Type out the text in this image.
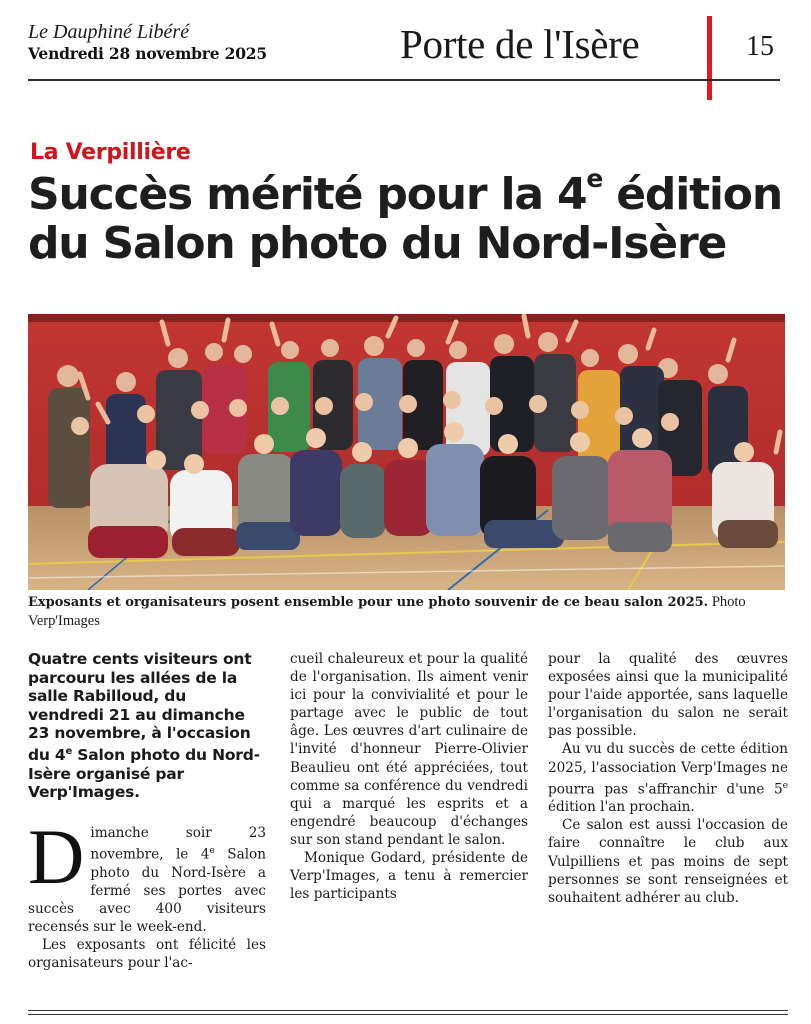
Le Dauphiné Libéré
Vendredi 28 novembre 2025	Porte de l'Isère	15
La Verpillière
Succès mérité pour la 4e édition
du Salon photo du Nord-Isère
Exposants et organisateurs posent ensemble pour une photo souvenir de ce beau salon 2025. Photo Verp'Images

Quatre cents visiteurs ont parcouru les allées de la salle Rabilloud, du vendredi 21 au dimanche 23 novembre, à l'occasion du 4e Salon photo du Nord-Isère organisé par Verp'Images.

Dimanche soir 23 novembre, le 4e Salon photo du Nord-Isère a fermé ses portes avec succès avec 400 visiteurs recensés sur le week-end.

Les exposants ont félicité les organisateurs pour l'ac-

cueil chaleureux et pour la qualité de l'organisation. Ils aiment venir ici pour la convivialité et pour le partage avec le public de tout âge. Les œuvres d'art culinaire de l'invité d'honneur Pierre-Olivier Beaulieu ont été appréciées, tout comme sa conférence du vendredi qui a marqué les esprits et a engendré beaucoup d'échanges sur son stand pendant le salon.

Monique Godard, présidente de Verp'Images, a tenu à remercier les participants

pour la qualité des œuvres exposées ainsi que la municipalité pour l'aide apportée, sans laquelle l'organisation du salon ne serait pas possible.

Au vu du succès de cette édition 2025, l'association Verp'Images ne pourra pas s'affranchir d'une 5e édition l'an prochain.

Ce salon est aussi l'occasion de faire connaître le club aux Vulpilliens et pas moins de sept personnes se sont renseignées et souhaitent adhérer au club.
